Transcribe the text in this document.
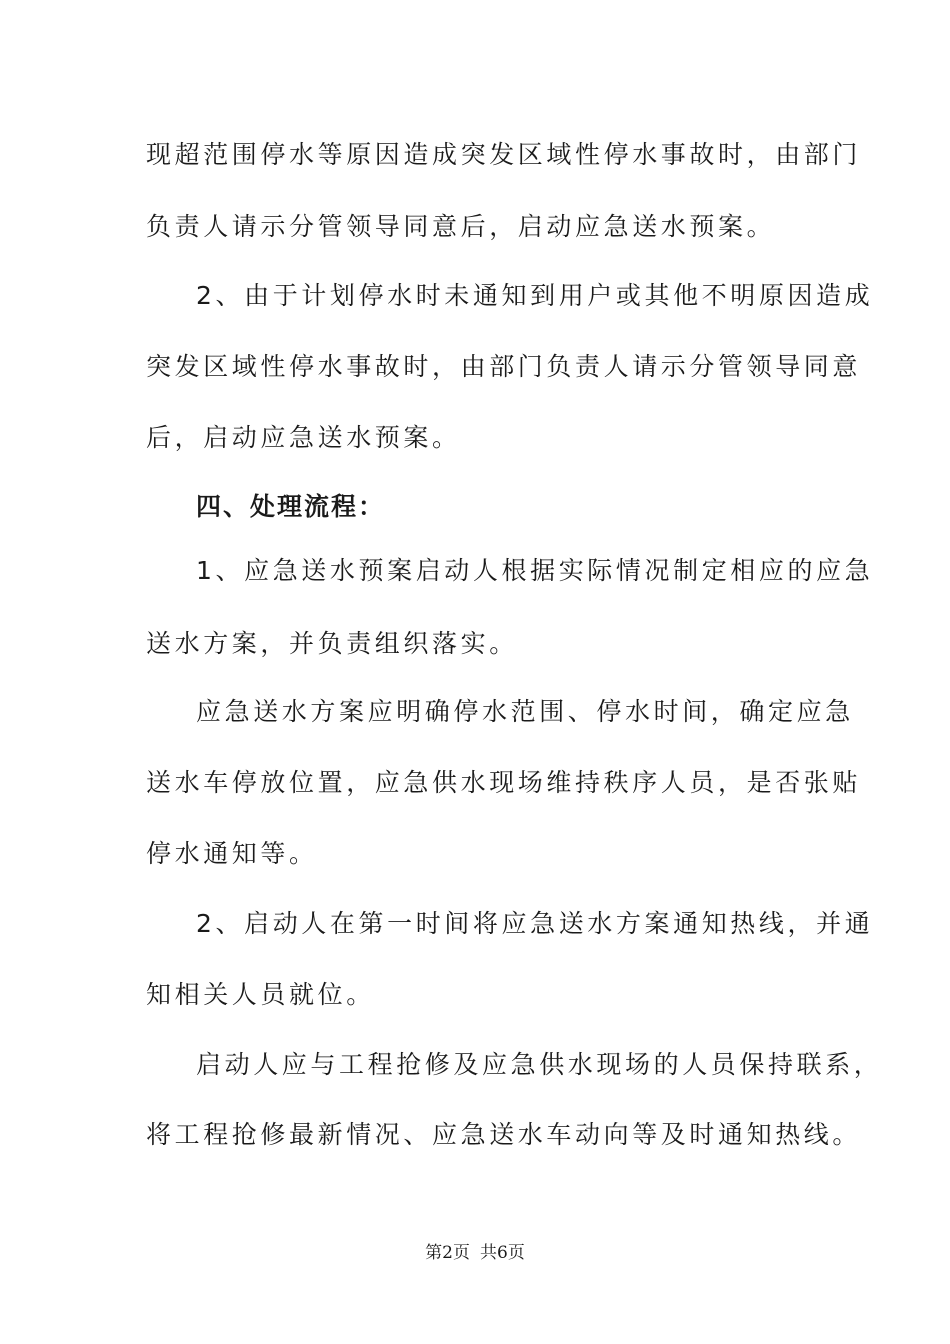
现超范围停水等原因造成突发区域性停水事故时，由部门
负责人请示分管领导同意后，启动应急送水预案。
2、由于计划停水时未通知到用户或其他不明原因造成
突发区域性停水事故时，由部门负责人请示分管领导同意
后，启动应急送水预案。
四、处理流程：
1、应急送水预案启动人根据实际情况制定相应的应急
送水方案，并负责组织落实。
应急送水方案应明确停水范围、停水时间，确定应急
送水车停放位置，应急供水现场维持秩序人员，是否张贴
停水通知等。
2、启动人在第一时间将应急送水方案通知热线，并通
知相关人员就位。
启动人应与工程抢修及应急供水现场的人员保持联系，
将工程抢修最新情况、应急送水车动向等及时通知热线。
第2页 共6页
